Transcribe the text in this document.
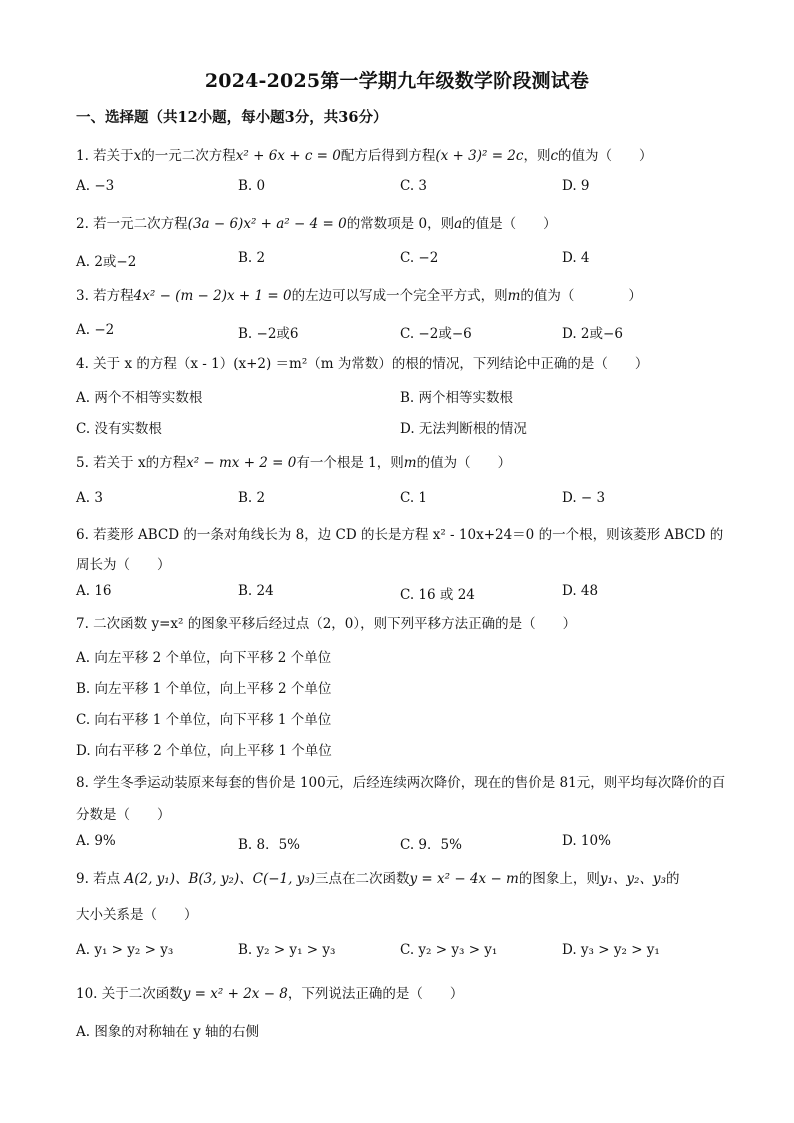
2024-2025第一学期九年级数学阶段测试卷
一、选择题（共12小题，每小题3分，共36分）
1. 若关于x的一元二次方程x² + 6x + c = 0配方后得到方程(x + 3)² = 2c，则c的值为（　　）
A. −3	B. 0	C. 3	D. 9
2. 若一元二次方程(3a − 6)x² + a² − 4 = 0的常数项是 0，则a的值是（　　）
A. 2或−2	B. 2	C. −2	D. 4
3. 若方程4x² − (m − 2)x + 1 = 0的左边可以写成一个完全平方式，则m的值为（　　　　）
A. −2	B. −2或6	C. −2或−6	D. 2或−6
4. 关于 x 的方程（x - 1）(x+2) ＝m²（m 为常数）的根的情况，下列结论中正确的是（　　）
A. 两个不相等实数根	B. 两个相等实数根
C. 没有实数根	D. 无法判断根的情况
5. 若关于 x的方程x² − mx + 2 = 0有一个根是 1，则m的值为（　　）
A. 3	B. 2	C. 1	D. − 3
6. 若菱形 ABCD 的一条对角线长为 8，边 CD 的长是方程 x² - 10x+24＝0 的一个根，则该菱形 ABCD 的周长为（　　）
A. 16	B. 24	C. 16 或 24	D. 48
7. 二次函数 y=x² 的图象平移后经过点（2，0），则下列平移方法正确的是（　　）
A. 向左平移 2 个单位，向下平移 2 个单位
B. 向左平移 1 个单位，向上平移 2 个单位
C. 向右平移 1 个单位，向下平移 1 个单位
D. 向右平移 2 个单位，向上平移 1 个单位
8. 学生冬季运动装原来每套的售价是 100元，后经连续两次降价，现在的售价是 81元，则平均每次降价的百分数是（　　）
A. 9%	B. 8．5%	C. 9．5%	D. 10%
9. 若点 A(2, y₁)、B(3, y₂)、C(−1, y₃)三点在二次函数y = x² − 4x − m的图象上，则y₁、y₂、y₃的
大小关系是（　　）
A. y₁ > y₂ > y₃	B. y₂ > y₁ > y₃	C. y₂ > y₃ > y₁	D. y₃ > y₂ > y₁
10. 关于二次函数y = x² + 2x − 8，下列说法正确的是（　　）
A. 图象的对称轴在 y 轴的右侧
